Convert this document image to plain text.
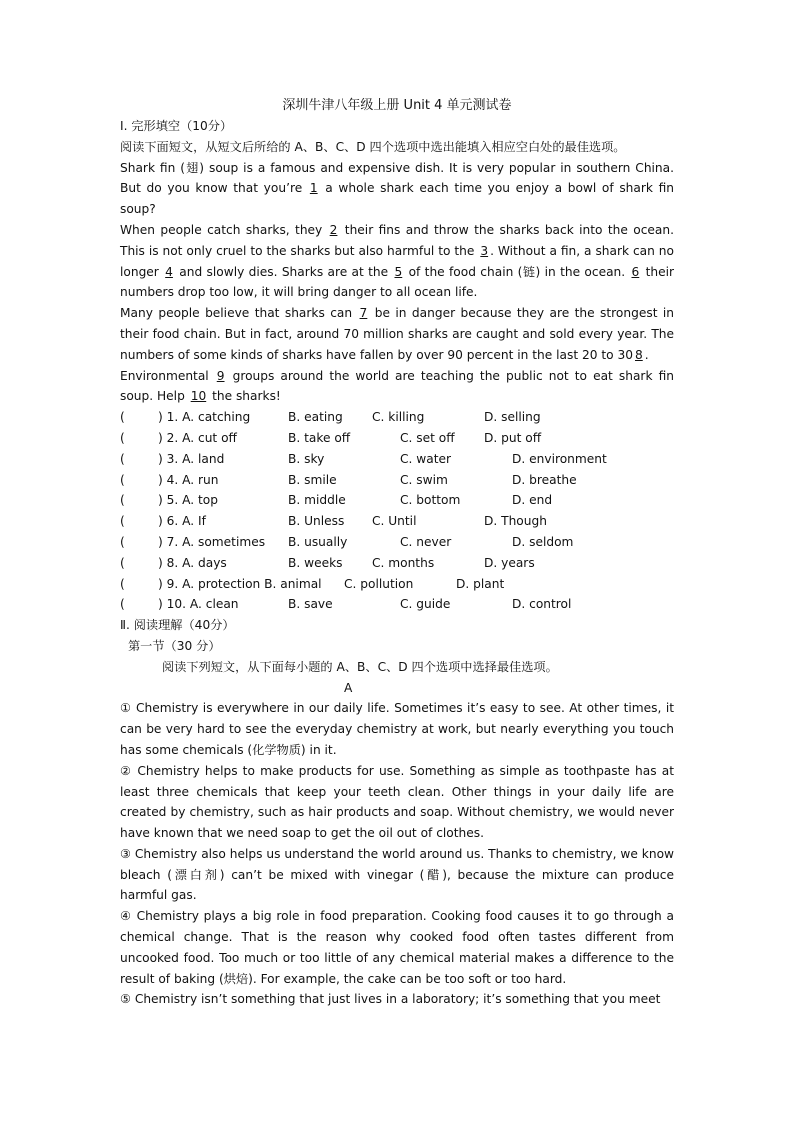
深圳牛津八年级上册 Unit 4 单元测试卷
Ⅰ. 完形填空（10分）

阅读下面短文，从短文后所给的 A、B、C、D 四个选项中选出能填入相应空白处的最佳选项。

Shark fin (翅) soup is a famous and expensive dish. It is very popular in southern China. But do you know that you’re 1 a whole shark each time you enjoy a bowl of shark fin soup?

When people catch sharks, they 2 their fins and throw the sharks back into the ocean. This is not only cruel to the sharks but also harmful to the 3 . Without a fin, a shark can no longer 4 and slowly dies. Sharks are at the 5 of the food chain (链) in the ocean. 6 their numbers drop too low, it will bring danger to all ocean life.

Many people believe that sharks can 7 be in danger because they are the strongest in their food chain. But in fact, around 70 million sharks are caught and sold every year. The numbers of some kinds of sharks have fallen by over 90 percent in the last 20 to 30 8 .

Environmental 9 groups around the world are teaching the public not to eat shark fin soup. Help 10 the sharks!

(	) 1. A. catching	B. eating C. killing	D. selling
(	) 2. A. cut off	B. take off	C. set off D. put off
(	) 3. A. land	B. sky	C. water	D. environment
(	) 4. A. run	B. smile	C. swim	D. breathe
(	) 5. A. top	B. middle	C. bottom	D. end
(	) 6. A. If	B. Unless C. Until	D. Though
(	) 7. A. sometimes B. usually	C. never	D. seldom
(	) 8. A. days	B. weeks C. months	D. years
(	) 9. A. protection B. animal C. pollution	D. plant
(	) 10. A. clean	B. save	C. guide	D. control
Ⅱ. 阅读理解（40分）
第一节（30 分）
阅读下列短文，从下面每小题的 A、B、C、D 四个选项中选择最佳选项。
A

① Chemistry is everywhere in our daily life. Sometimes it’s easy to see. At other times, it can be very hard to see the everyday chemistry at work, but nearly everything you touch has some chemicals (化学物质) in it.

② Chemistry helps to make products for use. Something as simple as toothpaste has at least three chemicals that keep your teeth clean. Other things in your daily life are created by chemistry, such as hair products and soap. Without chemistry, we would never have known that we need soap to get the oil out of clothes.

③ Chemistry also helps us understand the world around us. Thanks to chemistry, we know bleach (漂白剂) can’t be mixed with vinegar (醋), because the mixture can produce harmful gas.

④ Chemistry plays a big role in food preparation. Cooking food causes it to go through a chemical change. That is the reason why cooked food often tastes different from uncooked food. Too much or too little of any chemical material makes a difference to the result of baking (烘焙). For example, the cake can be too soft or too hard.

⑤ Chemistry isn’t something that just lives in a laboratory; it’s something that you meet
